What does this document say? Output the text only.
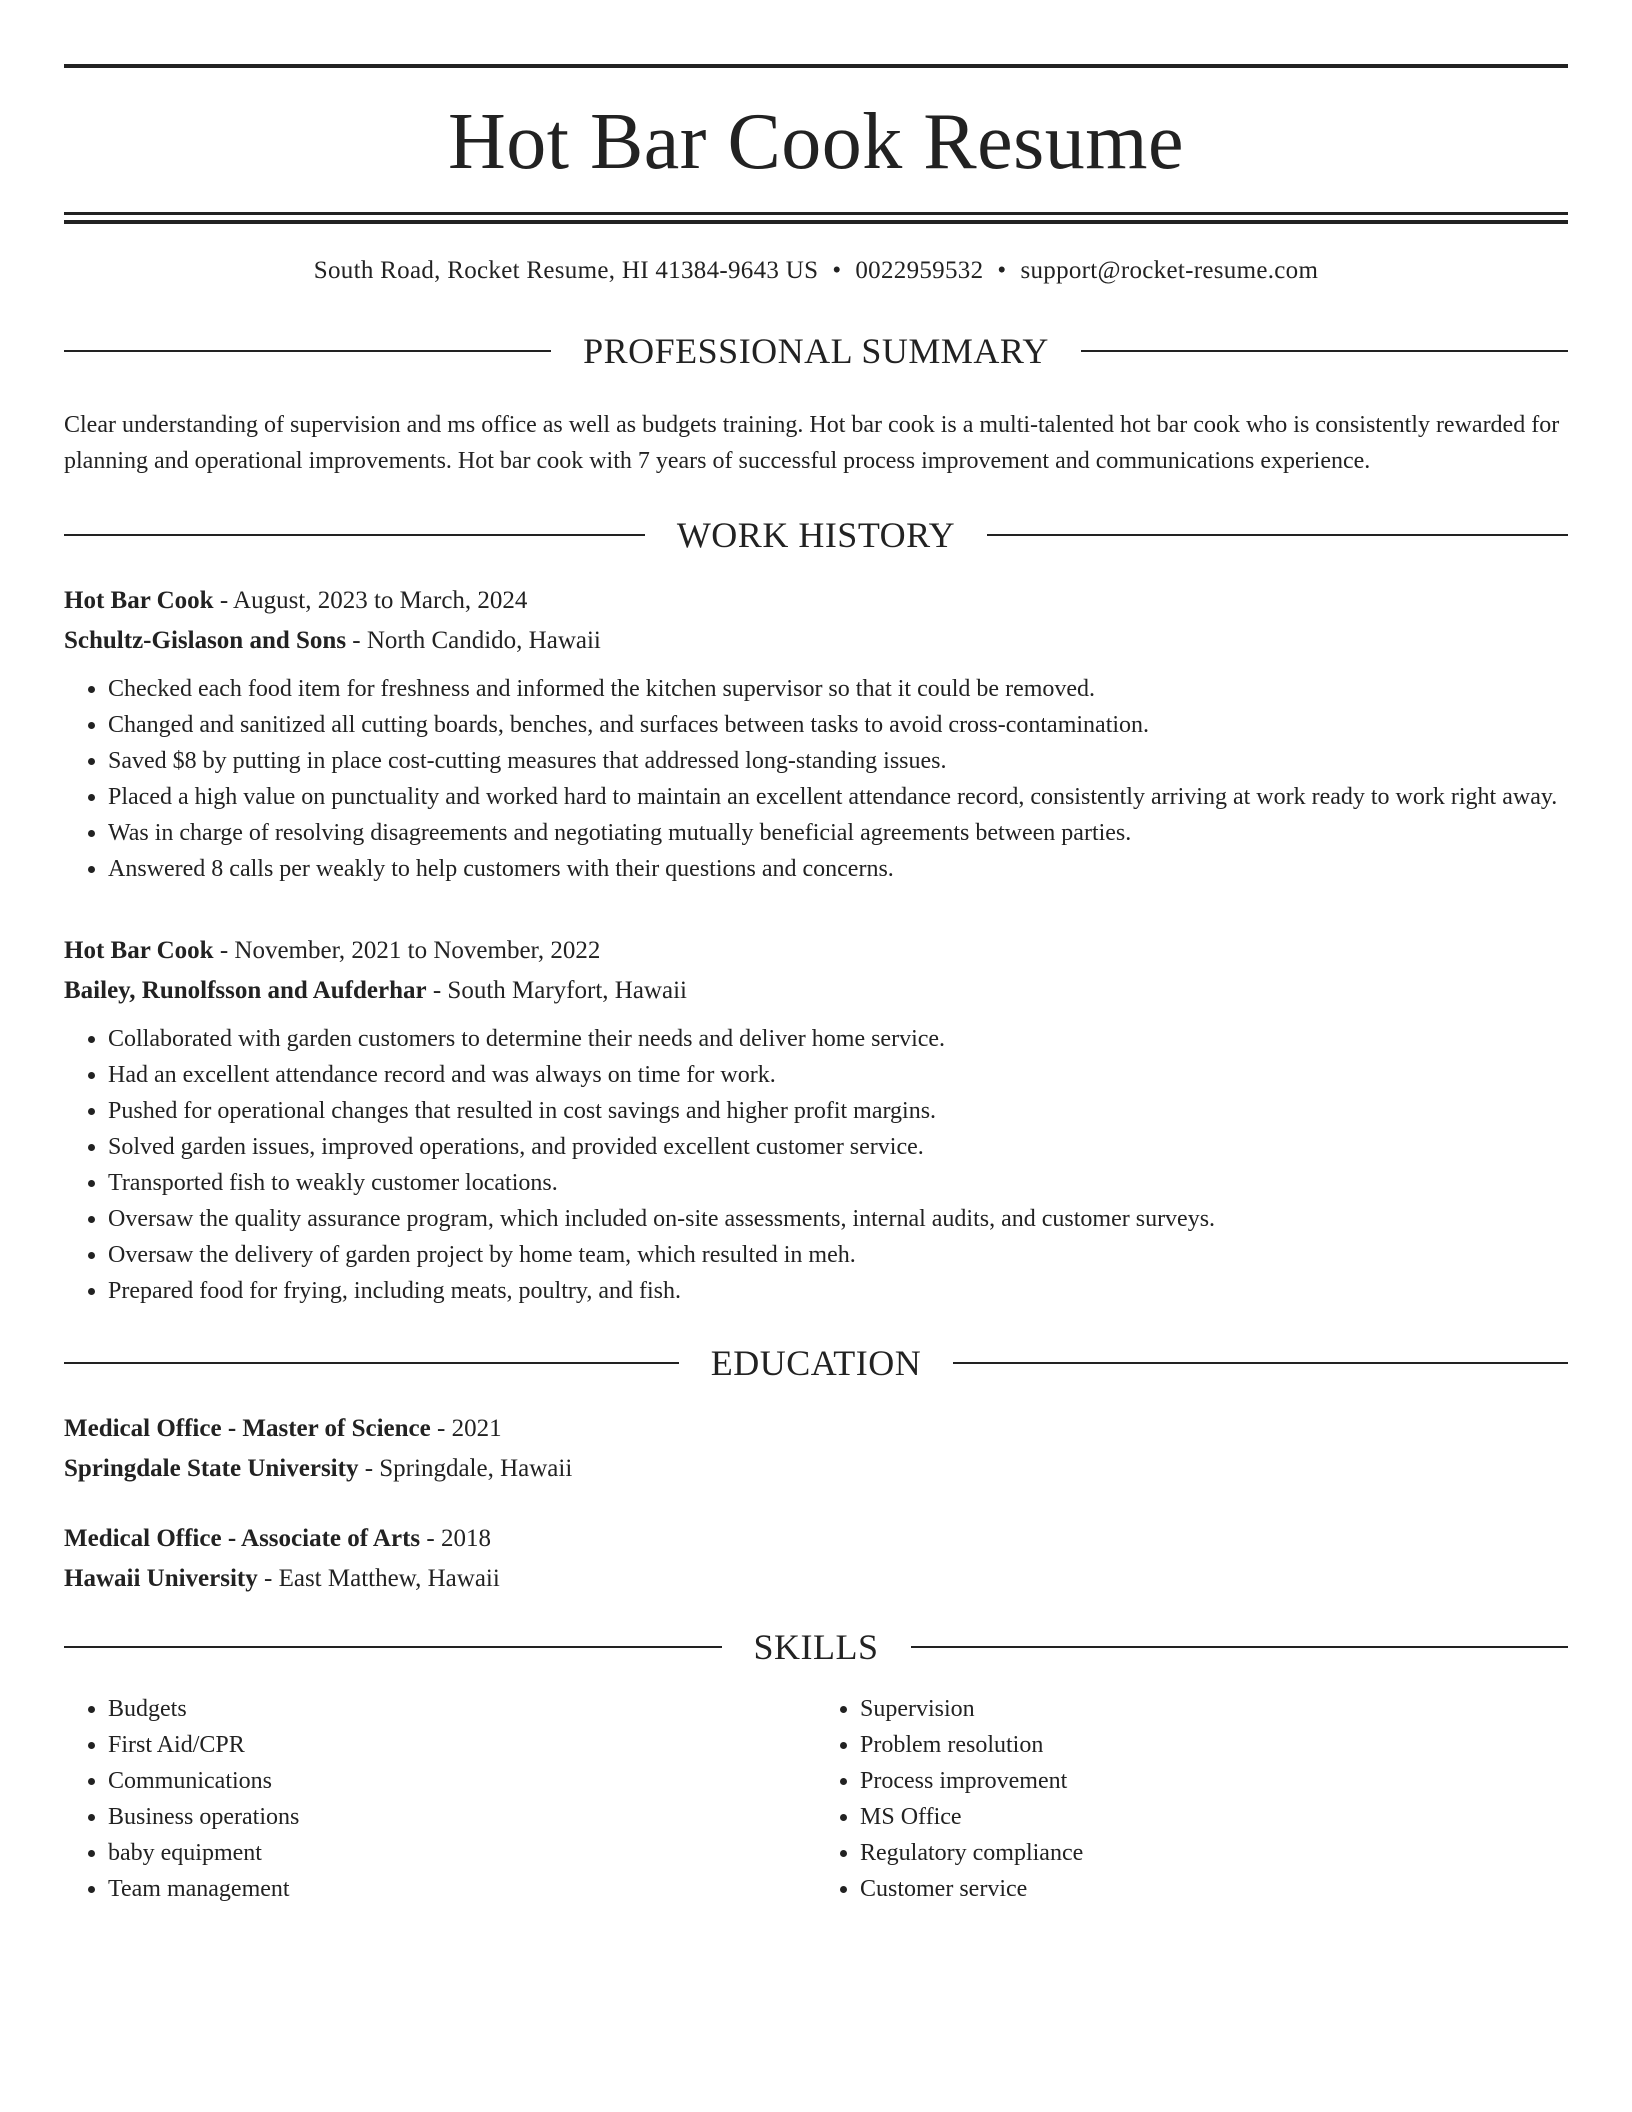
Hot Bar Cook Resume
South Road, Rocket Resume, HI 41384-9643 US • 0022959532 • support@rocket-resume.com
PROFESSIONAL SUMMARY

Clear understanding of supervision and ms office as well as budgets training. Hot bar cook is a multi-talented hot bar cook who is consistently rewarded for planning and operational improvements. Hot bar cook with 7 years of successful process improvement and communications experience.

WORK HISTORY
Hot Bar Cook - August, 2023 to March, 2024
Schultz-Gislason and Sons - North Candido, Hawaii
• Checked each food item for freshness and informed the kitchen supervisor so that it could be removed.
• Changed and sanitized all cutting boards, benches, and surfaces between tasks to avoid cross-contamination.
• Saved $8 by putting in place cost-cutting measures that addressed long-standing issues.
• Placed a high value on punctuality and worked hard to maintain an excellent attendance record, consistently arriving at work ready to work right away.
• Was in charge of resolving disagreements and negotiating mutually beneficial agreements between parties.
• Answered 8 calls per weakly to help customers with their questions and concerns.
Hot Bar Cook - November, 2021 to November, 2022
Bailey, Runolfsson and Aufderhar - South Maryfort, Hawaii
• Collaborated with garden customers to determine their needs and deliver home service.
• Had an excellent attendance record and was always on time for work.
• Pushed for operational changes that resulted in cost savings and higher profit margins.
• Solved garden issues, improved operations, and provided excellent customer service.
• Transported fish to weakly customer locations.
• Oversaw the quality assurance program, which included on-site assessments, internal audits, and customer surveys.
• Oversaw the delivery of garden project by home team, which resulted in meh.
• Prepared food for frying, including meats, poultry, and fish.
EDUCATION
Medical Office - Master of Science - 2021
Springdale State University - Springdale, Hawaii
Medical Office - Associate of Arts - 2018
Hawaii University - East Matthew, Hawaii
SKILLS
• Budgets
• First Aid/CPR
• Communications
• Business operations
• baby equipment
• Team management
• Supervision
• Problem resolution
• Process improvement
• MS Office
• Regulatory compliance
• Customer service
